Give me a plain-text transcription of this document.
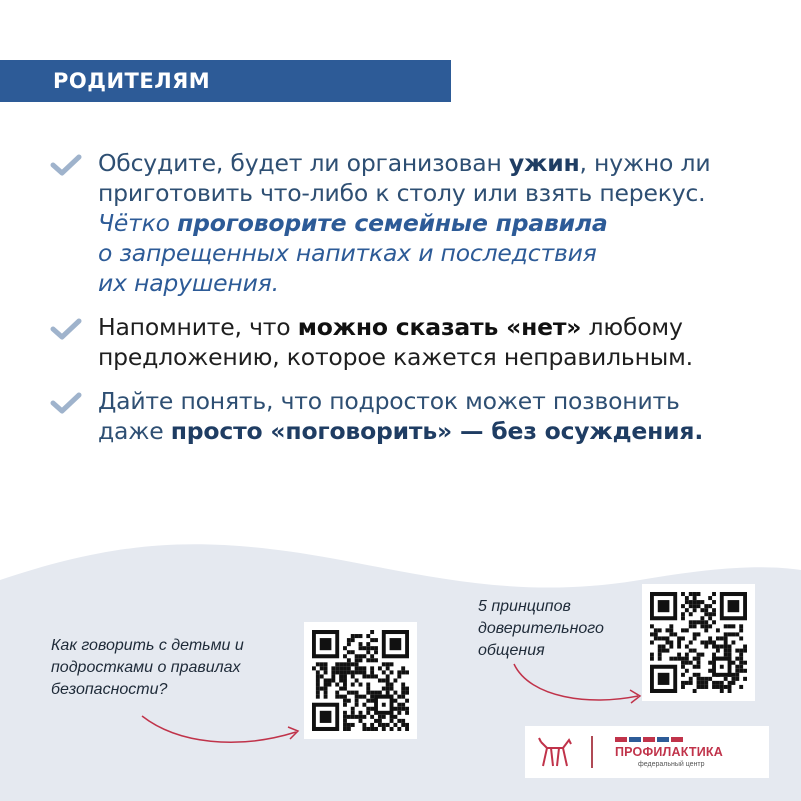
РОДИТЕЛЯМ
Обсудите, будет ли организован ужин, нужно ли
приготовить что-либо к столу или взять перекус.
Чётко проговорите семейные правила
о запрещенных напитках и последствия
их нарушения.
Напомните, что можно сказать «нет» любому
предложению, которое кажется неправильным.
Дайте понять, что подросток может позвонить
даже просто «поговорить» — без осуждения.
Как говорить с детьми и
подростками о правилах
безопасности?
5 принципов
доверительного
общения
ПРОФИЛАКТИКА
федеральный центр
